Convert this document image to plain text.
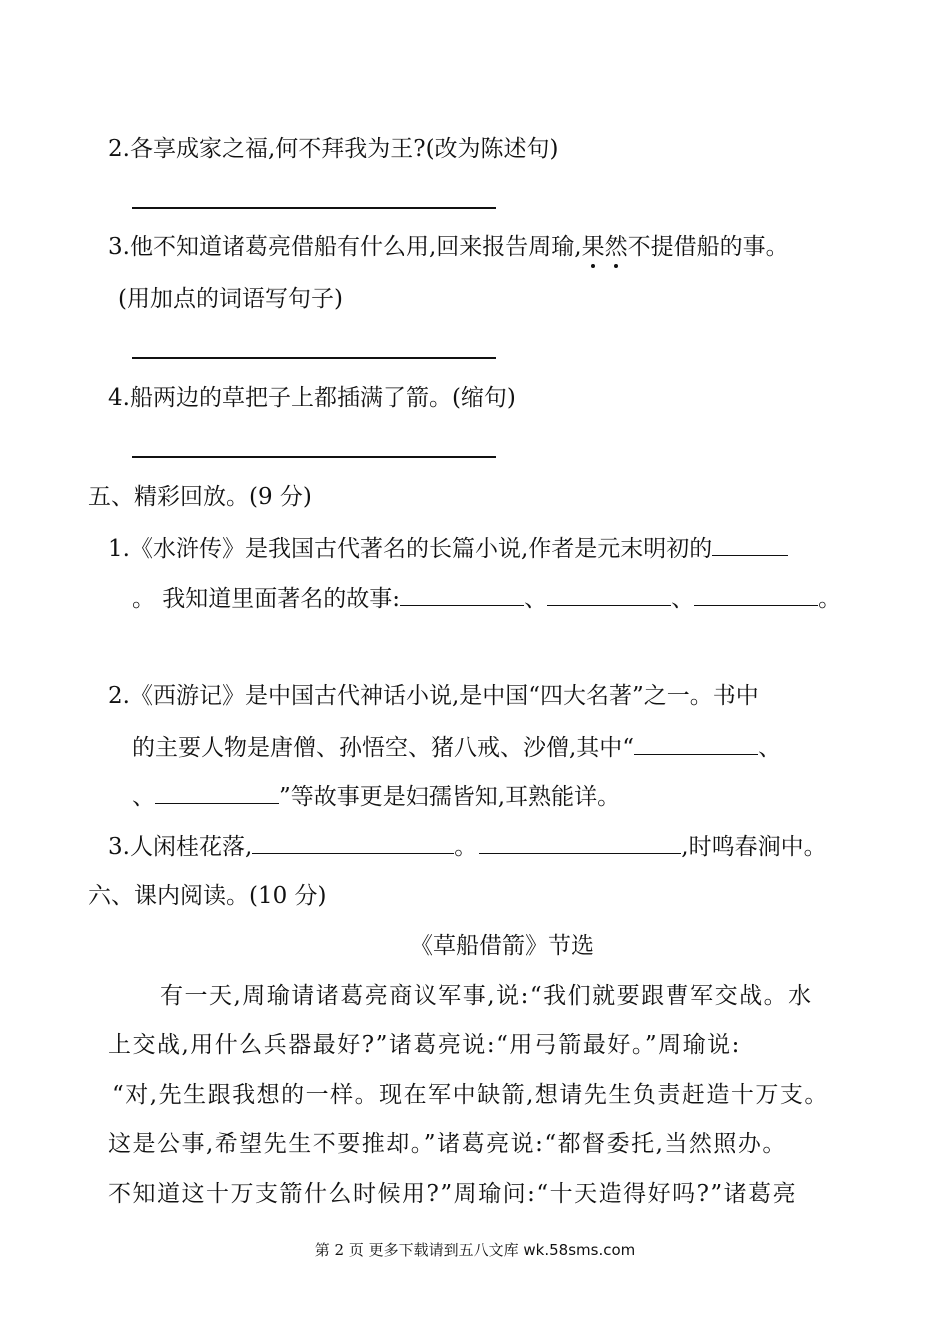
2.各享成家之福,何不拜我为王?(改为陈述句)
3.他不知道诸葛亮借船有什么用,回来报告周瑜,果然不提借船的事。
(用加点的词语写句子)
4.船两边的草把子上都插满了箭。(缩句)
五、精彩回放。(9 分)
1.《水浒传》是我国古代著名的长篇小说,作者是元末明初的
。 我知道里面著名的故事:	、	、	。
2.《西游记》是中国古代神话小说,是中国“四大名著”之一。书中
的主要人物是唐僧、孙悟空、猪八戒、沙僧,其中“	、
、	”等故事更是妇孺皆知,耳熟能详。
3.人闲桂花落,	。	,时鸣春涧中。
六、课内阅读。(10 分)
《草船借箭》节选
有一天,周瑜请诸葛亮商议军事,说:“我们就要跟曹军交战。水
上交战,用什么兵器最好?”诸葛亮说:“用弓箭最好。”周瑜说:
“对,先生跟我想的一样。现在军中缺箭,想请先生负责赶造十万支。
这是公事,希望先生不要推却。”诸葛亮说:“都督委托,当然照办。
不知道这十万支箭什么时候用?”周瑜问:“十天造得好吗?”诸葛亮
第 2 页 更多下载请到五八文库 wk.58sms.com
